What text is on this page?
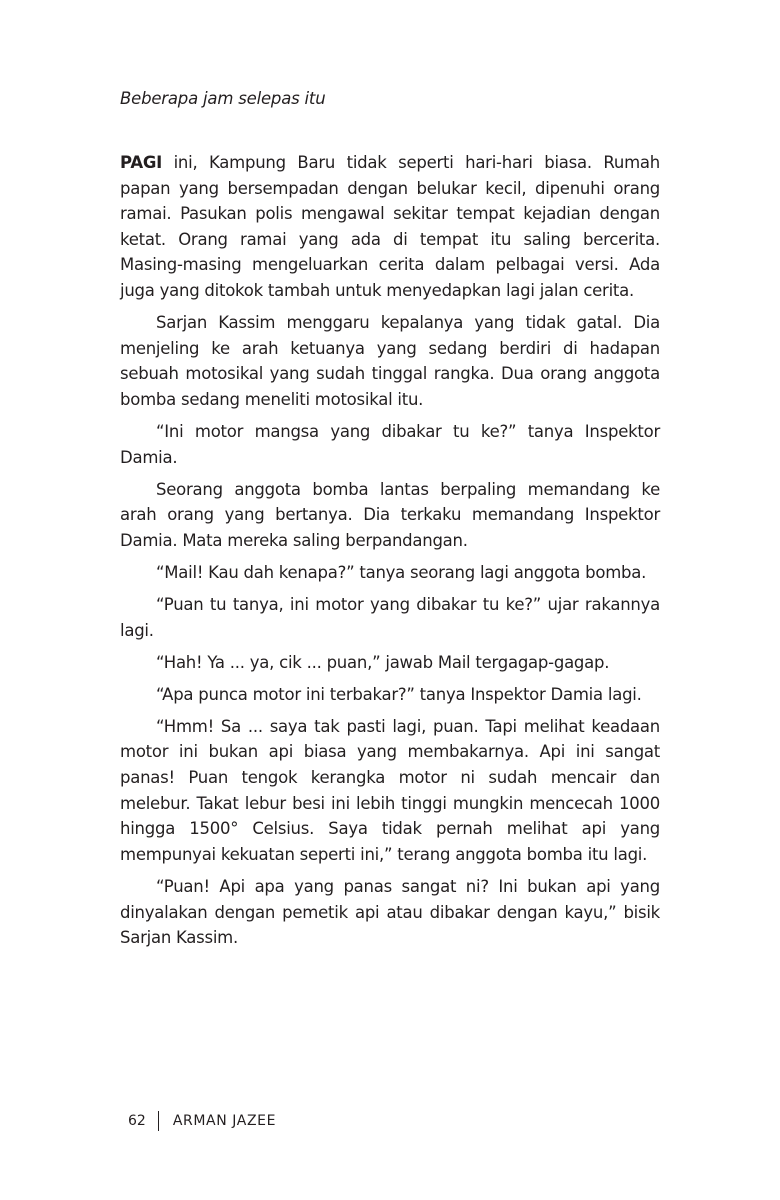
Beberapa jam selepas itu

PAGI ini, Kampung Baru tidak seperti hari-hari biasa. Rumah papan yang bersempadan dengan belukar kecil, dipenuhi orang ramai. Pasukan polis mengawal sekitar tempat kejadian dengan ketat. Orang ramai yang ada di tempat itu saling bercerita. Masing-masing mengeluarkan cerita dalam pelbagai versi. Ada juga yang ditokok tambah untuk menyedapkan lagi jalan cerita.

Sarjan Kassim menggaru kepalanya yang tidak gatal. Dia menjeling ke arah ketuanya yang sedang berdiri di hadapan sebuah motosikal yang sudah tinggal rangka. Dua orang anggota bomba sedang meneliti motosikal itu.

“Ini motor mangsa yang dibakar tu ke?” tanya Inspektor Damia.

Seorang anggota bomba lantas berpaling memandang ke arah orang yang bertanya. Dia terkaku memandang Inspektor Damia. Mata mereka saling berpandangan.

“Mail! Kau dah kenapa?” tanya seorang lagi anggota bomba.

“Puan tu tanya, ini motor yang dibakar tu ke?” ujar rakannya lagi.

“Hah! Ya ... ya, cik ... puan,” jawab Mail tergagap-gagap.

“Apa punca motor ini terbakar?” tanya Inspektor Damia lagi.

“Hmm! Sa ... saya tak pasti lagi, puan. Tapi melihat keadaan motor ini bukan api biasa yang membakarnya. Api ini sangat panas! Puan tengok kerangka motor ni sudah mencair dan melebur. Takat lebur besi ini lebih tinggi mungkin mencecah 1000 hingga 1500° Celsius. Saya tidak pernah melihat api yang mempunyai kekuatan seperti ini,” terang anggota bomba itu lagi.

“Puan! Api apa yang panas sangat ni? Ini bukan api yang dinyalakan dengan pemetik api atau dibakar dengan kayu,” bisik Sarjan Kassim.

62 ARMAN JAZEE
